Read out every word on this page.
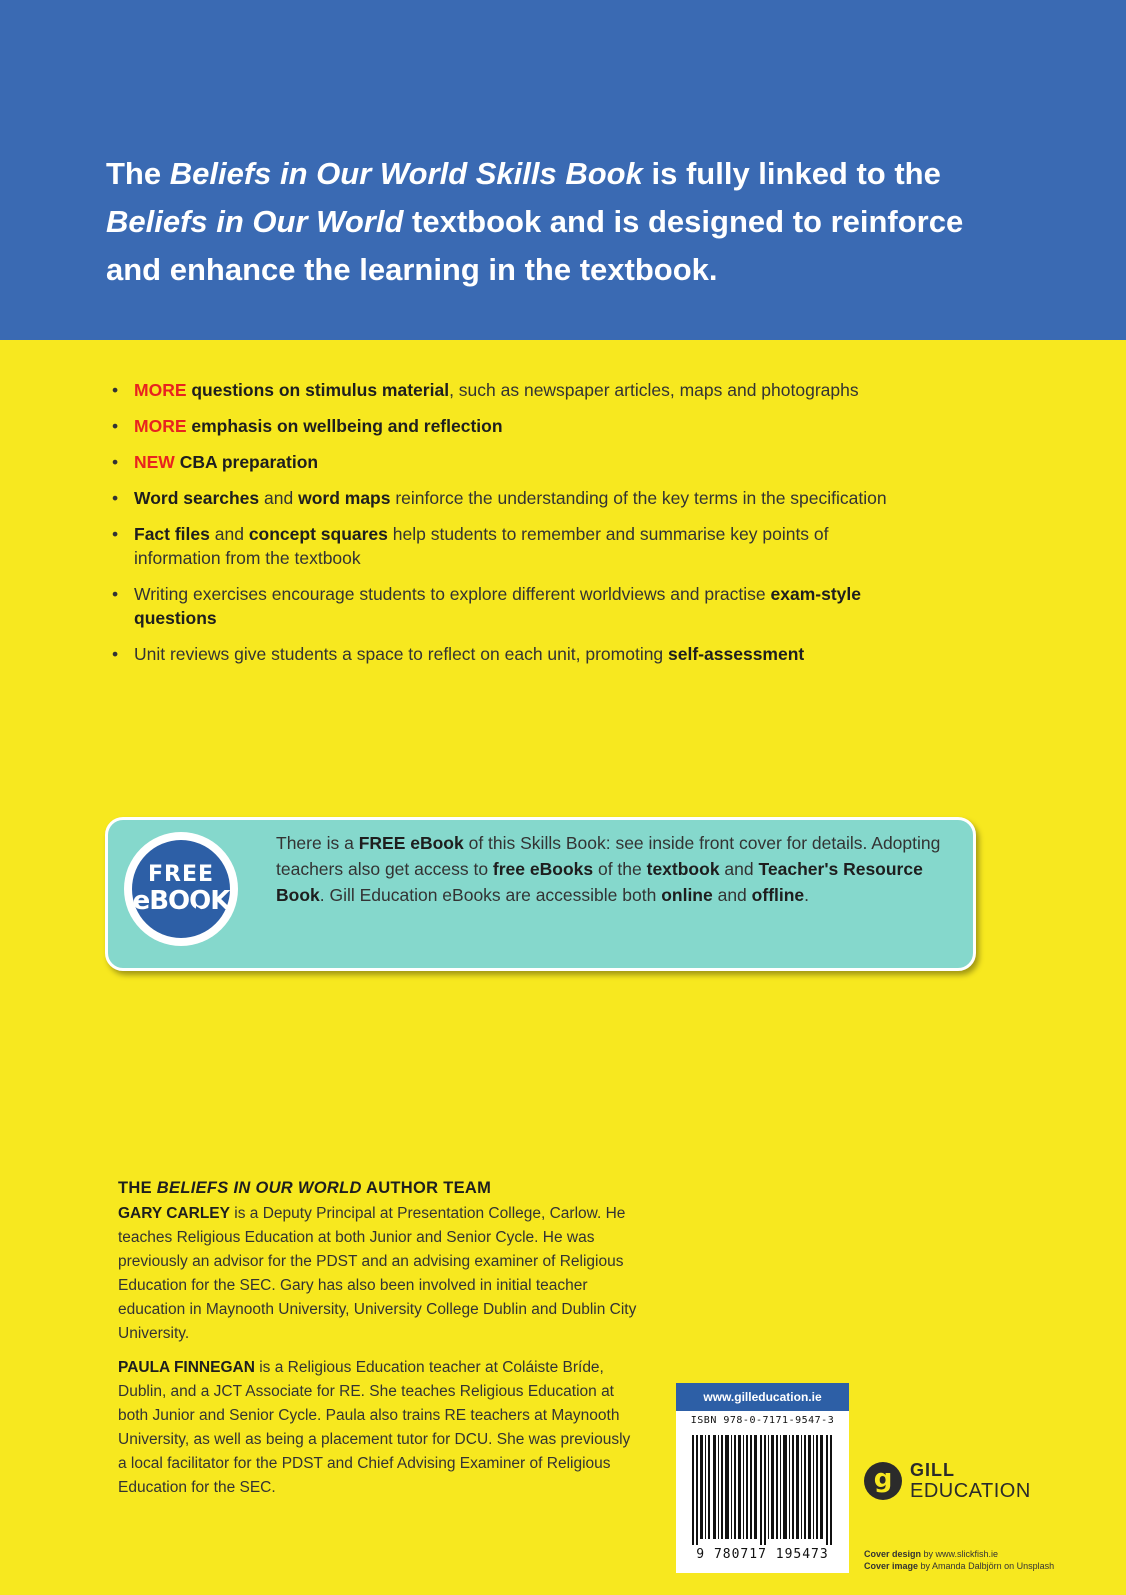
The Beliefs in Our World Skills Book is fully linked to the Beliefs in Our World textbook and is designed to reinforce and enhance the learning in the textbook.
• MORE questions on stimulus material, such as newspaper articles, maps and photographs
• MORE emphasis on wellbeing and reflection
• NEW CBA preparation
• Word searches and word maps reinforce the understanding of the key terms in the specification
• Fact files and concept squares help students to remember and summarise key points of information from the textbook
• Writing exercises encourage students to explore different worldviews and practise exam-style questions
• Unit reviews give students a space to reflect on each unit, promoting self-assessment
FREE
eBOOK
There is a FREE eBook of this Skills Book: see inside front cover for details. Adopting teachers also get access to free eBooks of the textbook and Teacher's Resource Book. Gill Education eBooks are accessible both online and offline.
THE BELIEFS IN OUR WORLD AUTHOR TEAM

GARY CARLEY is a Deputy Principal at Presentation College, Carlow. He teaches Religious Education at both Junior and Senior Cycle. He was previously an advisor for the PDST and an advising examiner of Religious Education for the SEC. Gary has also been involved in initial teacher education in Maynooth University, University College Dublin and Dublin City University.

PAULA FINNEGAN is a Religious Education teacher at Coláiste Bríde, Dublin, and a JCT Associate for RE. She teaches Religious Education at both Junior and Senior Cycle. Paula also trains RE teachers at Maynooth University, as well as being a placement tutor for DCU. She was previously a local facilitator for the PDST and Chief Advising Examiner of Religious Education for the SEC.

www.gilleducation.ie
ISBN 978-0-7171-9547-3
9 780717 195473
g GILL
EDUCATION
Cover design by www.slickfish.ie
Cover image by Amanda Dalbjörn on Unsplash
